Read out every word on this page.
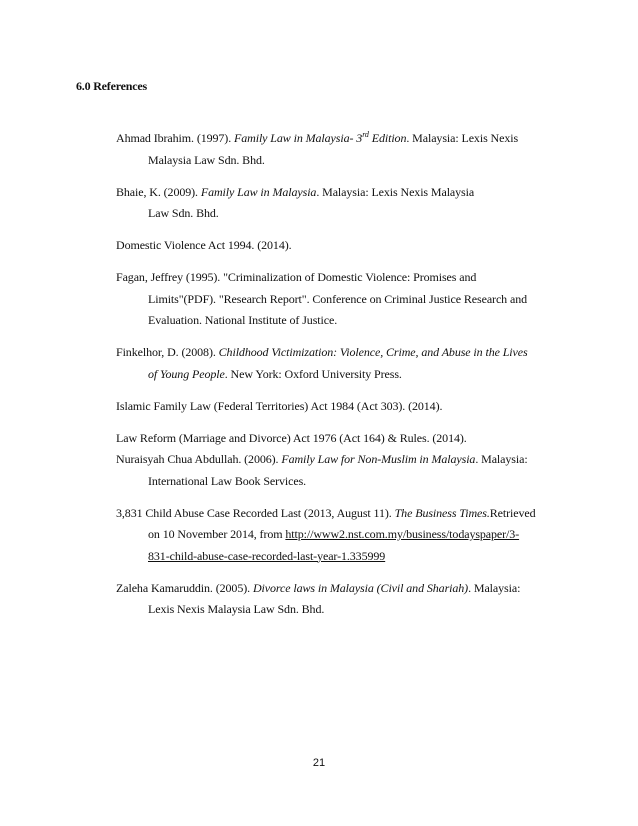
6.0 References
Ahmad Ibrahim. (1997). Family Law in Malaysia- 3rd Edition. Malaysia: Lexis Nexis
Malaysia Law Sdn. Bhd.
Bhaie, K. (2009). Family Law in Malaysia. Malaysia: Lexis Nexis Malaysia
Law Sdn. Bhd.
Domestic Violence Act 1994. (2014).
Fagan, Jeffrey (1995). "Criminalization of Domestic Violence: Promises and
Limits"(PDF). "Research Report". Conference on Criminal Justice Research and
Evaluation. National Institute of Justice.
Finkelhor, D. (2008). Childhood Victimization: Violence, Crime, and Abuse in the Lives
of Young People. New York: Oxford University Press.
Islamic Family Law (Federal Territories) Act 1984 (Act 303). (2014).
Law Reform (Marriage and Divorce) Act 1976 (Act 164) & Rules. (2014).
Nuraisyah Chua Abdullah. (2006). Family Law for Non-Muslim in Malaysia. Malaysia:
International Law Book Services.
3,831 Child Abuse Case Recorded Last (2013, August 11). The Business Times.Retrieved
on 10 November 2014, from http://www2.nst.com.my/business/todayspaper/3-
831-child-abuse-case-recorded-last-year-1.335999
Zaleha Kamaruddin. (2005). Divorce laws in Malaysia (Civil and Shariah). Malaysia:
Lexis Nexis Malaysia Law Sdn. Bhd.
21
